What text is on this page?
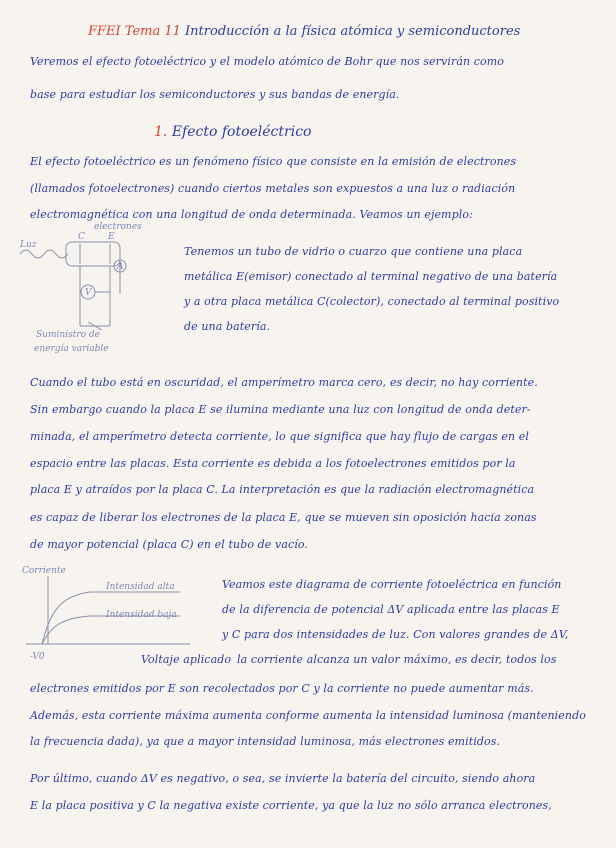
FFEI Tema 11 Introducción a la física atómica y semiconductores
Veremos el efecto fotoeléctrico y el modelo atómico de Bohr que nos servirán como
base para estudiar los semiconductores y sus bandas de energía.
1. Efecto fotoeléctrico
El efecto fotoeléctrico es un fenómeno físico que consiste en la emisión de electrones
(llamados fotoelectrones) cuando ciertos metales son expuestos a una luz o radiación
electromagnética con una longitud de onda determinada. Veamos un ejemplo:
Luz
C	E
electrones
A
V
Suministro de
energía variable
Tenemos un tubo de vidrio o cuarzo que contiene una placa
metálica E(emisor) conectado al terminal negativo de una batería
y a otra placa metálica C(colector), conectado al terminal positivo
de una batería.
Cuando el tubo está en oscuridad, el amperímetro marca cero, es decir, no hay corriente.
Sin embargo cuando la placa E se ilumina mediante una luz con longitud de onda deter-
minada, el amperímetro detecta corriente, lo que significa que hay flujo de cargas en el
espacio entre las placas. Esta corriente es debida a los fotoelectrones emitidos por la
placa E y atraídos por la placa C. La interpretación es que la radiación electromagnética
es capaz de liberar los electrones de la placa E, que se mueven sin oposición hacia zonas
de mayor potencial (placa C) en el tubo de vacío.
Corriente
Intensidad alta
Intensidad baja
-V0	Voltaje aplicado
Veamos este diagrama de corriente fotoeléctrica en función
de la diferencia de potencial ΔV aplicada entre las placas E
y C para dos intensidades de luz. Con valores grandes de ΔV,
la corriente alcanza un valor máximo, es decir, todos los
electrones emitidos por E son recolectados por C y la corriente no puede aumentar más.
Además, esta corriente máxima aumenta conforme aumenta la intensidad luminosa (manteniendo
la frecuencia dada), ya que a mayor intensidad luminosa, más electrones emitidos.
Por último, cuando ΔV es negativo, o sea, se invierte la batería del circuito, siendo ahora
E la placa positiva y C la negativa existe corriente, ya que la luz no sólo arranca electrones,
